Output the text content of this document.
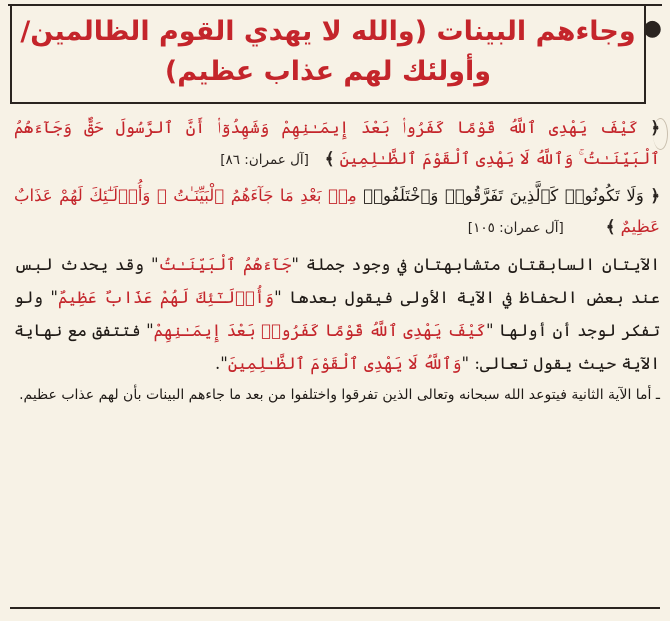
●
وجاءهم البينات (والله لا يهدي القوم الظالمين/
وأولئك لهم عذاب عظيم)

﴿ كَيْفَ يَهْدِى ٱللَّهُ قَوْمًا كَفَرُوا۟ بَعْدَ إِيمَـٰنِهِمْ وَشَهِدُوٓا۟ أَنَّ ٱلرَّسُولَ حَقٌّ وَجَآءَهُمُ ٱلْبَيِّنَـٰتُ ۚ وَٱللَّهُ لَا يَهْدِى ٱلْقَوْمَ ٱلظَّـٰلِمِينَ ﴾   [آل عمران: ٨٦]

﴿ وَلَا تَكُونُوا۟ كَٱلَّذِينَ تَفَرَّقُوا۟ وَٱخْتَلَفُوا۟ مِنۢ بَعْدِ مَا جَآءَهُمُ ٱلْبَيِّنَـٰتُ ۚ وَأُو۟لَـٰٓئِكَ لَهُمْ عَذَابٌ عَظِيمٌ ﴾        [آل عمران: ١٠٥]

الآيتان السابقتان متشابهتان في وجود جملة "جَآءَهُمُ ٱلْبَيِّنَـٰتُ" وقد يحدث لبس عند بعض الحفاظ في الآية الأولى فيقول بعدها "وَأُو۟لَـٰٓئِكَ لَهُمْ عَذَابٌ عَظِيمٌ" ولو تفكر لوجد أن أولها "كَيْفَ يَهْدِى ٱللَّهُ قَوْمًا كَفَرُوا۟ بَعْدَ إِيمَـٰنِهِمْ" فتتفق مع نهاية الآية حيث يقول تعالى: "وَٱللَّهُ لَا يَهْدِى ٱلْقَوْمَ ٱلظَّـٰلِمِينَ".

ـ أما الآية الثانية فيتوعد الله سبحانه وتعالى الذين تفرقوا واختلفوا من بعد ما جاءهم البينات بأن لهم عذاب عظيم.
